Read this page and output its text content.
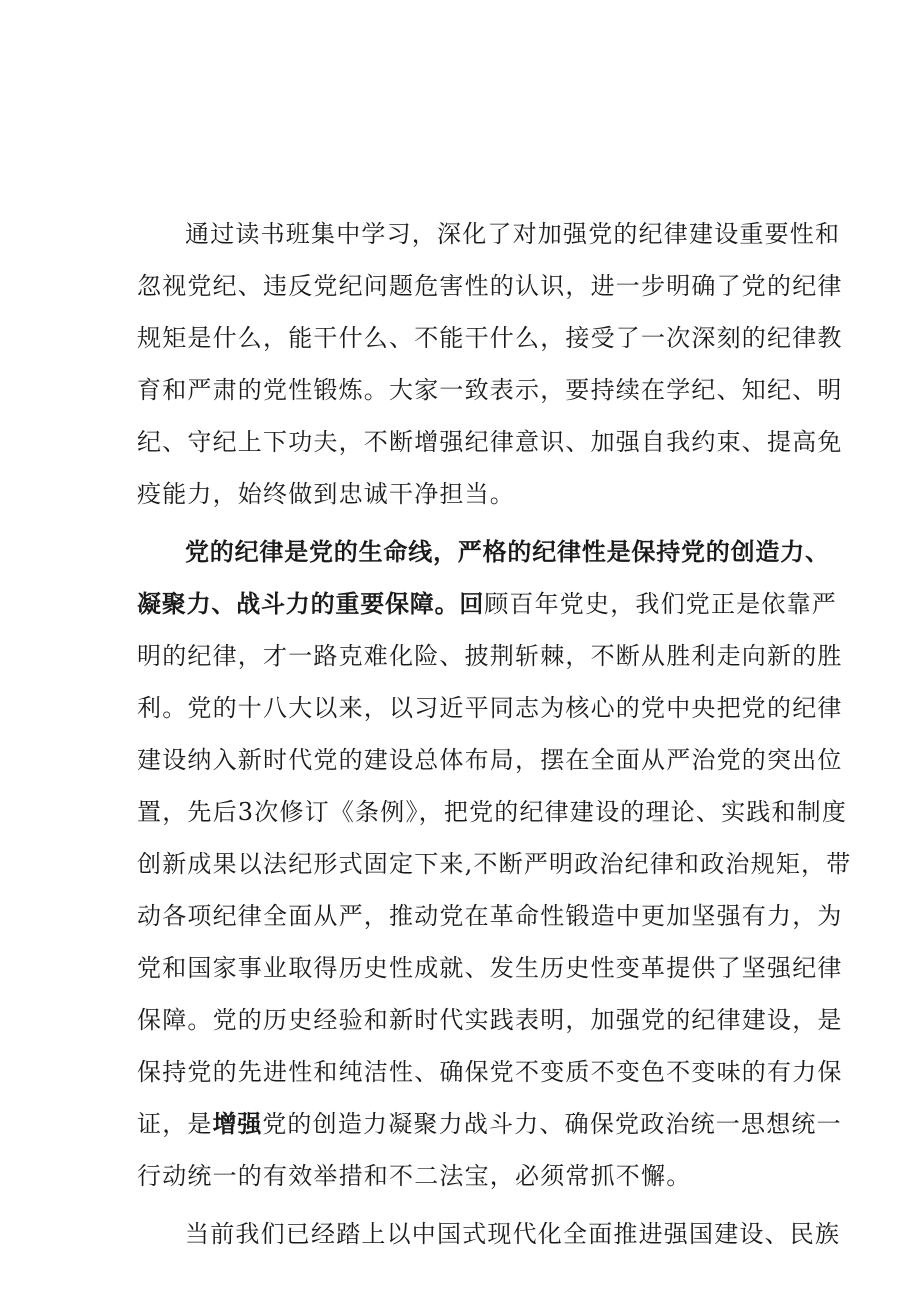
通过读书班集中学习，深化了对加强党的纪律建设重要性和
忽视党纪、违反党纪问题危害性的认识，进一步明确了党的纪律
规矩是什么，能干什么、不能干什么，接受了一次深刻的纪律教
育和严肃的党性锻炼。大家一致表示，要持续在学纪、知纪、明
纪、守纪上下功夫，不断增强纪律意识、加强自我约束、提高免
疫能力，始终做到忠诚干净担当。
党的纪律是党的生命线，严格的纪律性是保持党的创造力、
凝聚力、战斗力的重要保障。回顾百年党史，我们党正是依靠严
明的纪律，才一路克难化险、披荆斩棘，不断从胜利走向新的胜
利。党的十八大以来，以习近平同志为核心的党中央把党的纪律
建设纳入新时代党的建设总体布局，摆在全面从严治党的突出位
置，先后3次修订《条例》，把党的纪律建设的理论、实践和制度
创新成果以法纪形式固定下来,不断严明政治纪律和政治规矩，带
动各项纪律全面从严，推动党在革命性锻造中更加坚强有力，为
党和国家事业取得历史性成就、发生历史性变革提供了坚强纪律
保障。党的历史经验和新时代实践表明，加强党的纪律建设，是
保持党的先进性和纯洁性、确保党不变质不变色不变味的有力保
证，是增强党的创造力凝聚力战斗力、确保党政治统一思想统一
行动统一的有效举措和不二法宝，必须常抓不懈。
当前我们已经踏上以中国式现代化全面推进强国建设、民族
